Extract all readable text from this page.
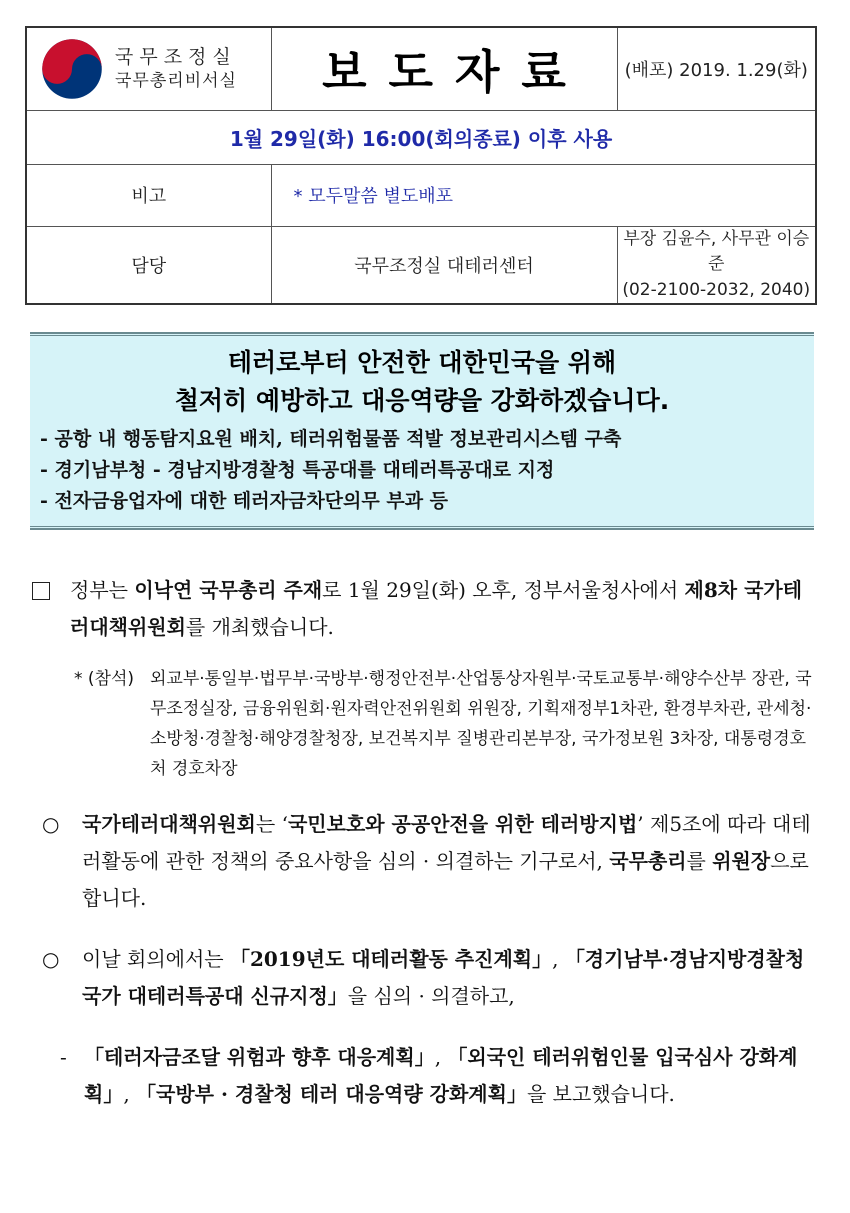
국무조정실
국무총리비서실	보도자료	(배포) 2019. 1.29(화)
1월 29일(화) 16:00(회의종료) 이후 사용		
비고	* 모두말씀 별도배포	
담당	국무조정실 대테러센터	부장 김윤수, 사무관 이승준
(02-2100-2032, 2040)
테러로부터 안전한 대한민국을 위해
철저히 예방하고 대응역량을 강화하겠습니다.
- 공항 내 행동탐지요원 배치, 테러위험물품 적발 정보관리시스템 구축
- 경기남부청 - 경남지방경찰청 특공대를 대테러특공대로 지정
- 전자금융업자에 대한 테러자금차단의무 부과 등
정부는 이낙연 국무총리 주재로 1월 29일(화) 오후, 정부서울청사에서 제8차 국가테러대책위원회를 개최했습니다.
* (참석) 외교부·통일부·법무부·국방부·행정안전부·산업통상자원부·국토교통부·해양수산부 장관, 국무조정실장, 금융위원회·원자력안전위원회 위원장, 기획재정부1차관, 환경부차관, 관세청·소방청·경찰청·해양경찰청장, 보건복지부 질병관리본부장, 국가정보원 3차장, 대통령경호처 경호차장
○ 국가테러대책위원회는 ‘국민보호와 공공안전을 위한 테러방지법’ 제5조에 따라 대테러활동에 관한 정책의 중요사항을 심의 · 의결하는 기구로서, 국무총리를 위원장으로 합니다.
○ 이날 회의에서는 「2019년도 대테러활동 추진계획」, 「경기남부·경남지방경찰청 국가 대테러특공대 신규지정」을 심의 · 의결하고,
- 「테러자금조달 위험과 향후 대응계획」, 「외국인 테러위험인물 입국심사 강화계획」, 「국방부 · 경찰청 테러 대응역량 강화계획」을 보고했습니다.
